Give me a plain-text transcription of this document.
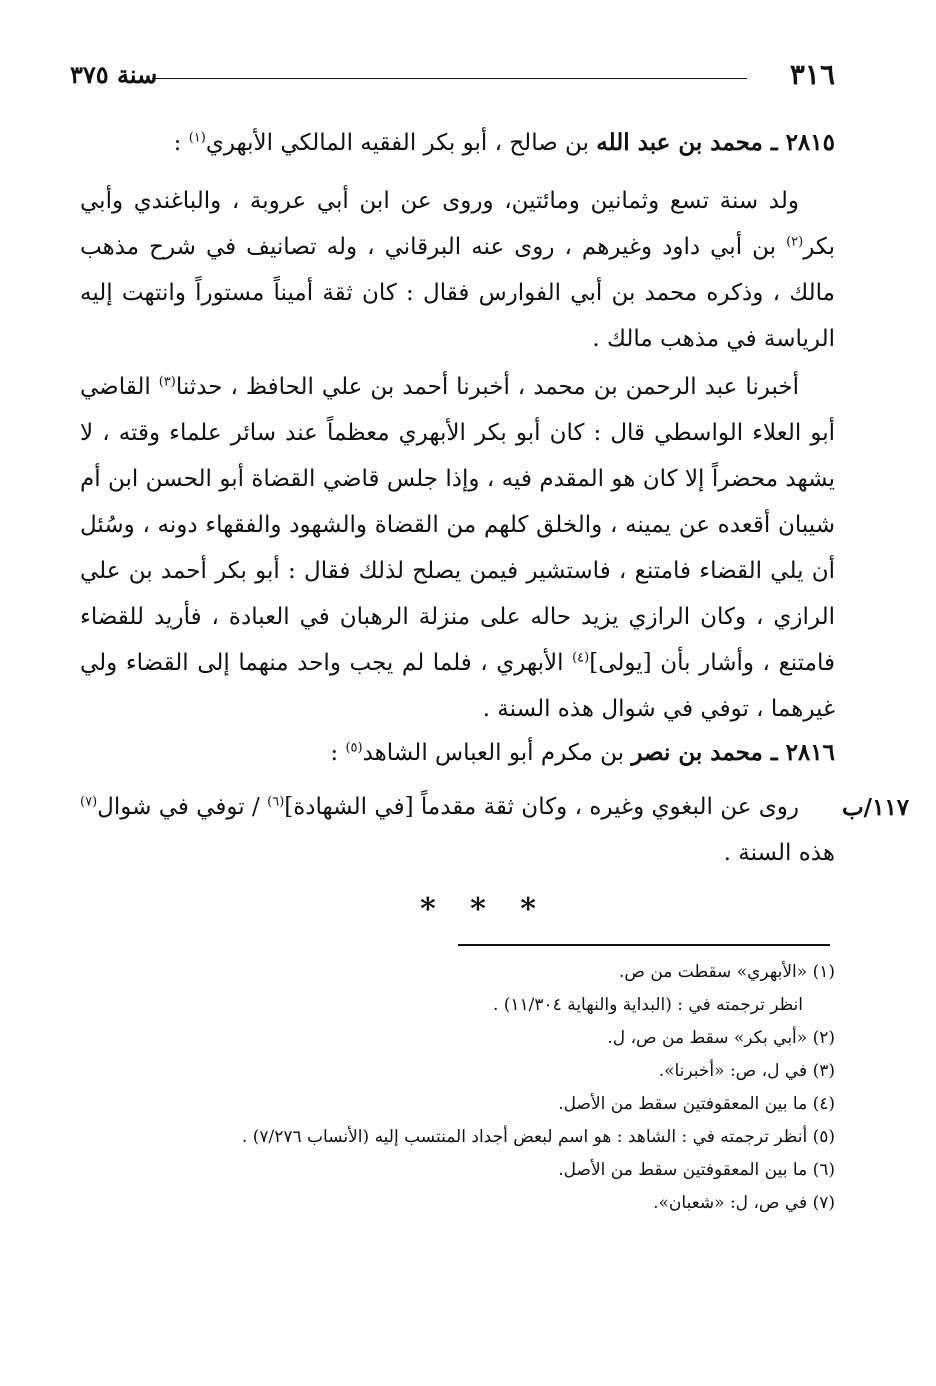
٣١٦
سنة ٣٧٥
٢٨١٥ ـ محمد بن عبد الله بن صالح ، أبو بكر الفقيه المالكي الأبهري$^{(١)}$ :

ولد سنة تسع وثمانين ومائتين، وروى عن ابن أبي عروبة ، والباغندي وأبي بكر$^{(٢)}$ بن أبي داود وغيرهم ، روى عنه البرقاني ، وله تصانيف في شرح مذهب مالك ، وذكره محمد بن أبي الفوارس فقال : كان ثقة أميناً مستوراً وانتهت إليه الرياسة في مذهب مالك .

أخبرنا عبد الرحمن بن محمد ، أخبرنا أحمد بن علي الحافظ ، حدثنا$^{(٣)}$ القاضي أبو العلاء الواسطي قال : كان أبو بكر الأبهري معظماً عند سائر علماء وقته ، لا يشهد محضراً إلا كان هو المقدم فيه ، وإذا جلس قاضي القضاة أبو الحسن ابن أم شيبان أقعده عن يمينه ، والخلق كلهم من القضاة والشهود والفقهاء دونه ، وسُئل أن يلي القضاء فامتنع ، فاستشير فيمن يصلح لذلك فقال : أبو بكر أحمد بن علي الرازي ، وكان الرازي يزيد حاله على منزلة الرهبان في العبادة ، فأريد للقضاء فامتنع ، وأشار بأن [يولى]$^{(٤)}$ الأبهري ، فلما لم يجب واحد منهما إلى القضاء ولي غيرهما ، توفي في شوال هذه السنة .

٢٨١٦ ـ محمد بن نصر بن مكرم أبو العباس الشاهد$^{(٥)}$ :

روى عن البغوي وغيره ، وكان ثقة مقدماً [في الشهادة]$^{(٦)}$ / توفي في شوال$^{(٧)}$ هذه السنة .

١١٧/ب
* * *

(١) «الأبهري» سقطت من ص.

انظر ترجمته في : (البداية والنهاية ١١/٣٠٤) .

(٢) «أبي بكر» سقط من ص، ل.

(٣) في ل، ص: «أخبرنا».

(٤) ما بين المعقوفتين سقط من الأصل.

(٥) أنظر ترجمته في : الشاهد : هو اسم لبعض أجداد المنتسب إليه (الأنساب ٧/٢٧٦) .

(٦) ما بين المعقوفتين سقط من الأصل.

(٧) في ص، ل: «شعبان».
